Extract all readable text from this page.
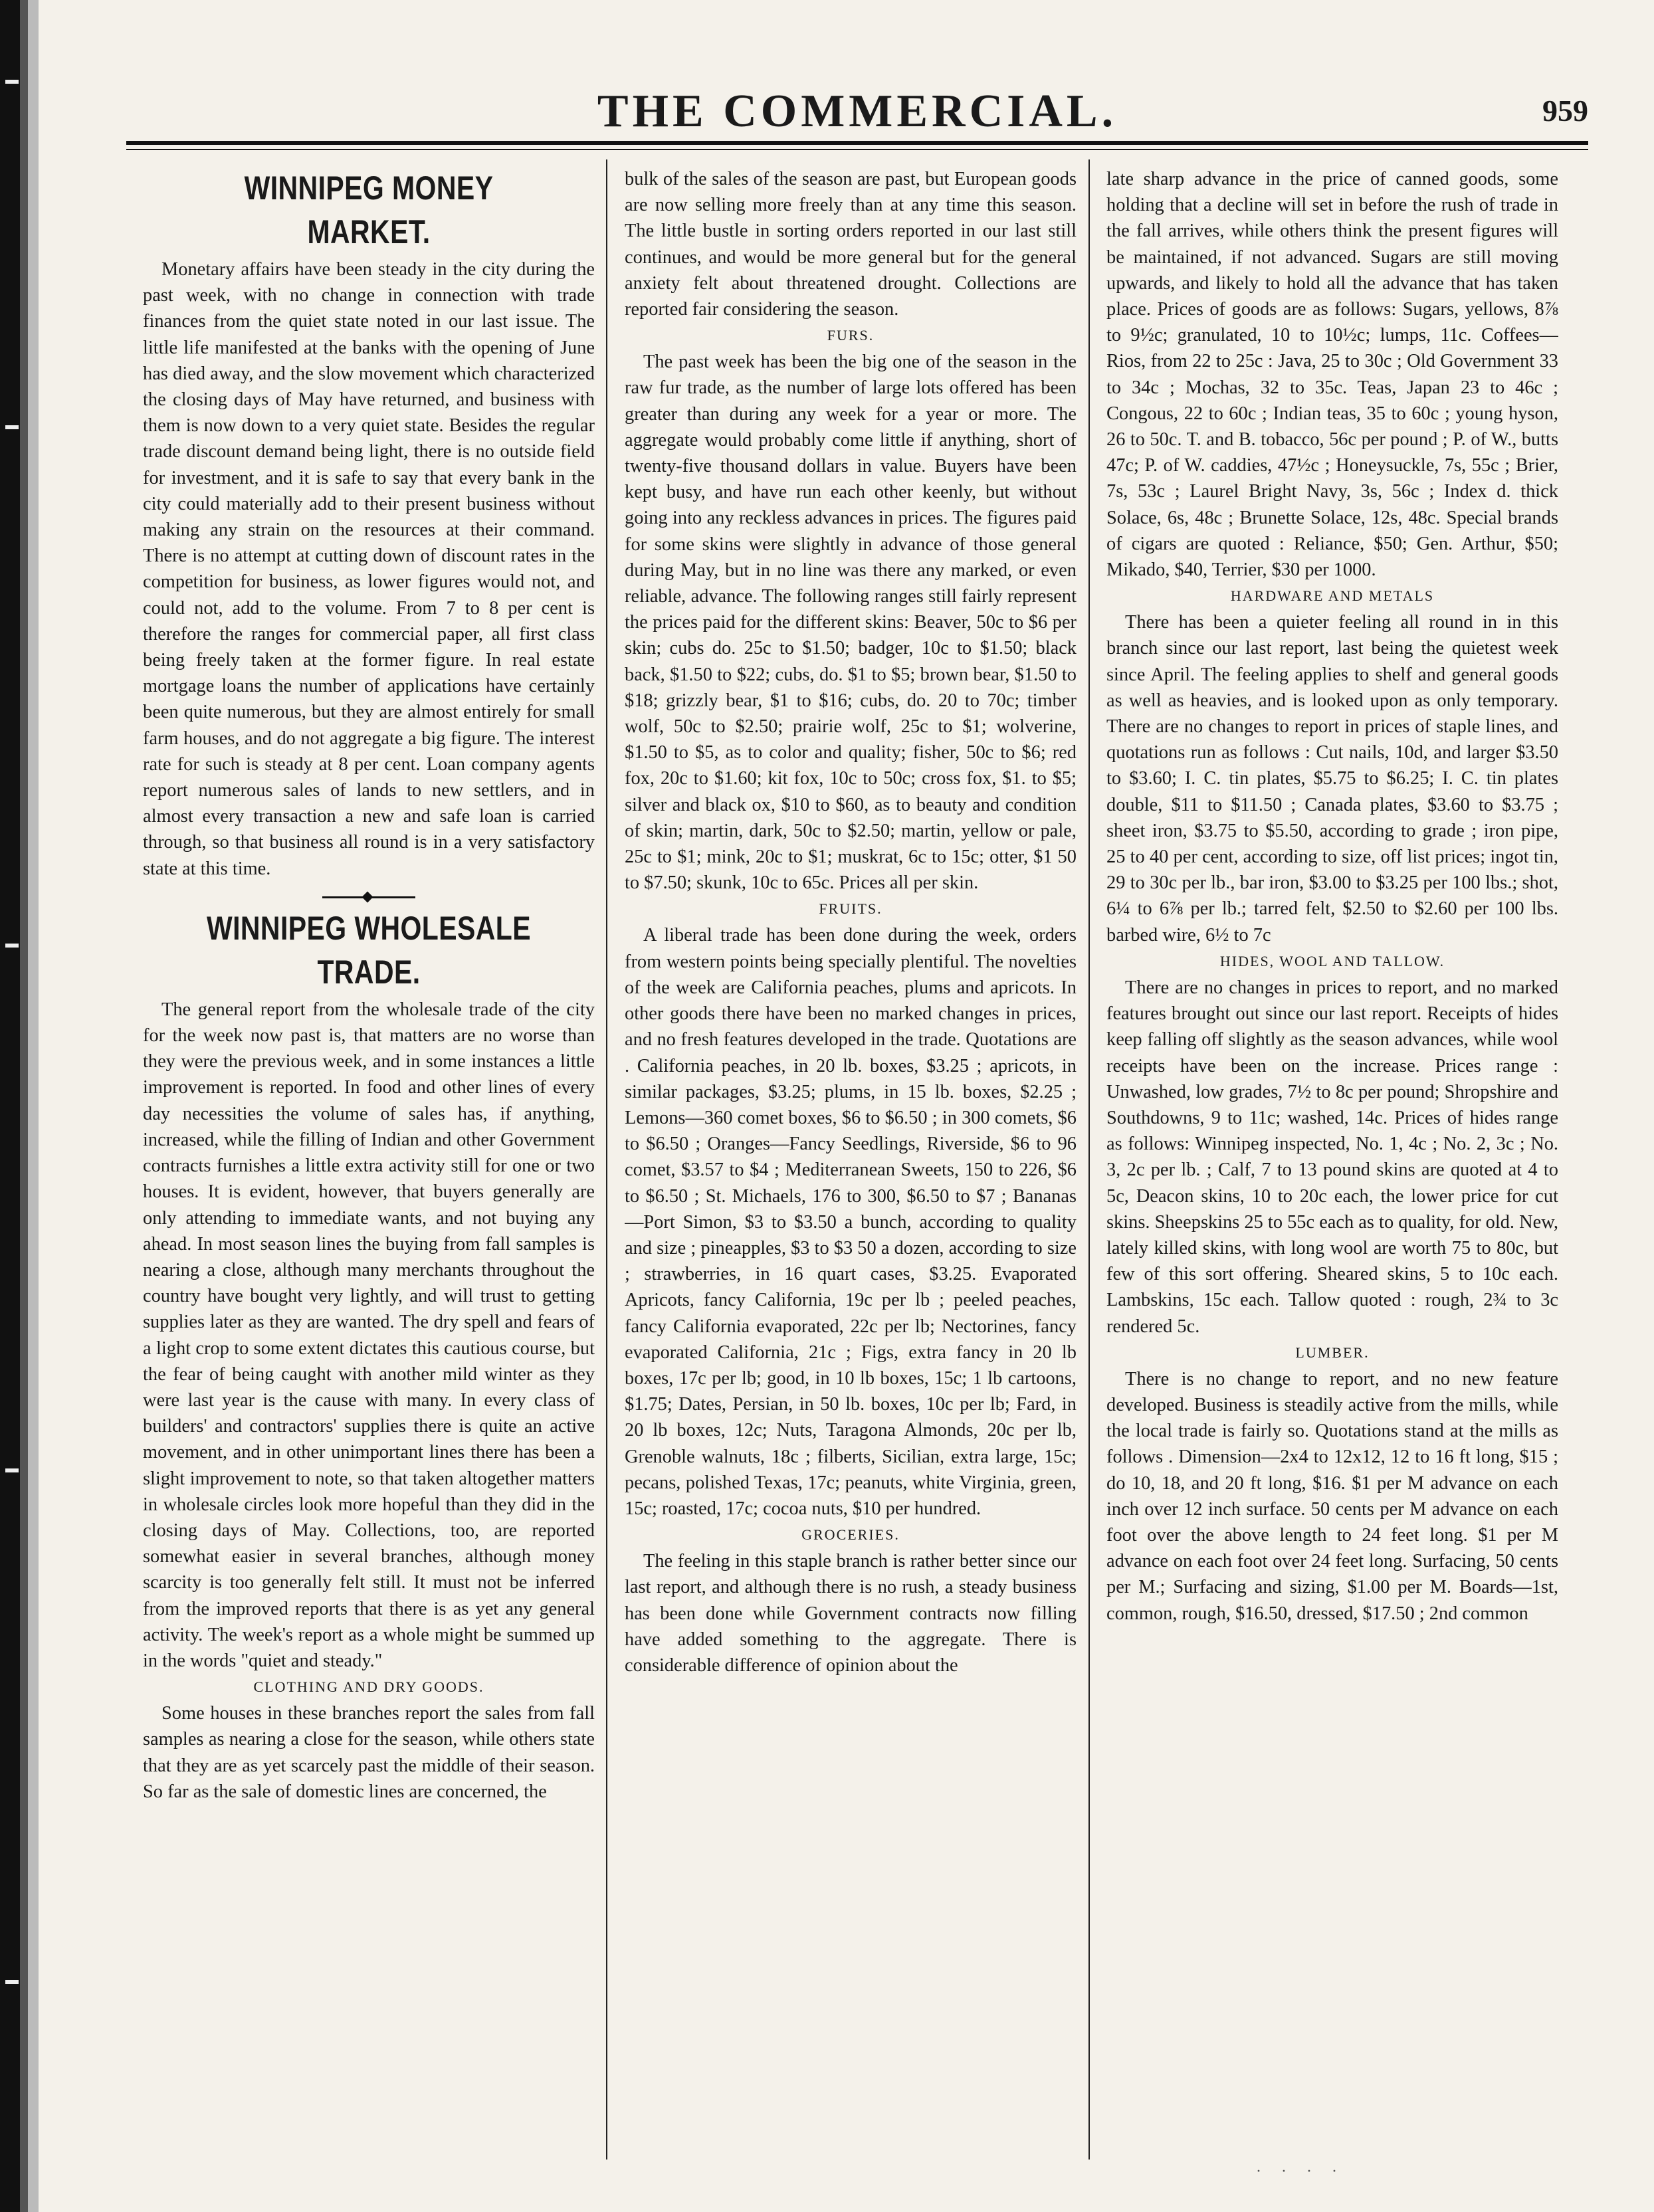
THE COMMERCIAL.	959
WINNIPEG MONEY MARKET.

Monetary affairs have been steady in the city during the past week, with no change in connection with trade finances from the quiet state noted in our last issue. The little life manifested at the banks with the opening of June has died away, and the slow movement which characterized the closing days of May have returned, and business with them is now down to a very quiet state. Besides the regular trade discount demand being light, there is no outside field for investment, and it is safe to say that every bank in the city could materially add to their present business without making any strain on the resources at their command. There is no attempt at cutting down of discount rates in the competition for business, as lower figures would not, and could not, add to the volume. From 7 to 8 per cent is therefore the ranges for commercial paper, all first class being freely taken at the former figure. In real estate mortgage loans the number of applications have certainly been quite numerous, but they are almost entirely for small farm houses, and do not aggregate a big figure. The interest rate for such is steady at 8 per cent. Loan company agents report numerous sales of lands to new settlers, and in almost every transaction a new and safe loan is carried through, so that business all round is in a very satisfactory state at this time.

WINNIPEG WHOLESALE TRADE.

The general report from the wholesale trade of the city for the week now past is, that matters are no worse than they were the previous week, and in some instances a little improvement is reported. In food and other lines of every day necessities the volume of sales has, if anything, increased, while the filling of Indian and other Government contracts furnishes a little extra activity still for one or two houses. It is evident, however, that buyers generally are only attending to immediate wants, and not buying any ahead. In most season lines the buying from fall samples is nearing a close, although many merchants throughout the country have bought very lightly, and will trust to getting supplies later as they are wanted. The dry spell and fears of a light crop to some extent dictates this cautious course, but the fear of being caught with another mild winter as they were last year is the cause with many. In every class of builders' and contractors' supplies there is quite an active movement, and in other unimportant lines there has been a slight improvement to note, so that taken altogether matters in wholesale circles look more hopeful than they did in the closing days of May. Collections, too, are reported somewhat easier in several branches, although money scarcity is too generally felt still. It must not be inferred from the improved reports that there is as yet any general activity. The week's report as a whole might be summed up in the words "quiet and steady."

CLOTHING AND DRY GOODS.

Some houses in these branches report the sales from fall samples as nearing a close for the season, while others state that they are as yet scarcely past the middle of their season. So far as the sale of domestic lines are concerned, the

bulk of the sales of the season are past, but European goods are now selling more freely than at any time this season. The little bustle in sorting orders reported in our last still continues, and would be more general but for the general anxiety felt about threatened drought. Collections are reported fair considering the season.

FURS.

The past week has been the big one of the season in the raw fur trade, as the number of large lots offered has been greater than during any week for a year or more. The aggregate would probably come little if anything, short of twenty-five thousand dollars in value. Buyers have been kept busy, and have run each other keenly, but without going into any reckless advances in prices. The figures paid for some skins were slightly in advance of those general during May, but in no line was there any marked, or even reliable, advance. The following ranges still fairly represent the prices paid for the different skins: Beaver, 50c to $6 per skin; cubs do. 25c to $1.50; badger, 10c to $1.50; black back, $1.50 to $22; cubs, do. $1 to $5; brown bear, $1.50 to $18; grizzly bear, $1 to $16; cubs, do. 20 to 70c; timber wolf, 50c to $2.50; prairie wolf, 25c to $1; wolverine, $1.50 to $5, as to color and quality; fisher, 50c to $6; red fox, 20c to $1.60; kit fox, 10c to 50c; cross fox, $1. to $5; silver and black ox, $10 to $60, as to beauty and condition of skin; martin, dark, 50c to $2.50; martin, yellow or pale, 25c to $1; mink, 20c to $1; muskrat, 6c to 15c; otter, $1 50 to $7.50; skunk, 10c to 65c. Prices all per skin.

FRUITS.

A liberal trade has been done during the week, orders from western points being specially plentiful. The novelties of the week are California peaches, plums and apricots. In other goods there have been no marked changes in prices, and no fresh features developed in the trade. Quotations are . California peaches, in 20 lb. boxes, $3.25 ; apricots, in similar packages, $3.25; plums, in 15 lb. boxes, $2.25 ; Lemons—360 comet boxes, $6 to $6.50 ; in 300 comets, $6 to $6.50 ; Oranges—Fancy Seedlings, Riverside, $6 to 96 comet, $3.57 to $4 ; Mediterranean Sweets, 150 to 226, $6 to $6.50 ; St. Michaels, 176 to 300, $6.50 to $7 ; Bananas—Port Simon, $3 to $3.50 a bunch, according to quality and size ; pineapples, $3 to $3 50 a dozen, according to size ; strawberries, in 16 quart cases, $3.25. Evaporated Apricots, fancy California, 19c per lb ; peeled peaches, fancy California evaporated, 22c per lb; Nectorines, fancy evaporated California, 21c ; Figs, extra fancy in 20 lb boxes, 17c per lb; good, in 10 lb boxes, 15c; 1 lb cartoons, $1.75; Dates, Persian, in 50 lb. boxes, 10c per lb; Fard, in 20 lb boxes, 12c; Nuts, Taragona Almonds, 20c per lb, Grenoble walnuts, 18c ; filberts, Sicilian, extra large, 15c; pecans, polished Texas, 17c; peanuts, white Virginia, green, 15c; roasted, 17c; cocoa nuts, $10 per hundred.

GROCERIES.

The feeling in this staple branch is rather better since our last report, and although there is no rush, a steady business has been done while Government contracts now filling have added something to the aggregate. There is considerable difference of opinion about the

late sharp advance in the price of canned goods, some holding that a decline will set in before the rush of trade in the fall arrives, while others think the present figures will be maintained, if not advanced. Sugars are still moving upwards, and likely to hold all the advance that has taken place. Prices of goods are as follows: Sugars, yellows, 8⅞ to 9½c; granulated, 10 to 10½c; lumps, 11c. Coffees—Rios, from 22 to 25c : Java, 25 to 30c ; Old Government 33 to 34c ; Mochas, 32 to 35c. Teas, Japan 23 to 46c ; Congous, 22 to 60c ; Indian teas, 35 to 60c ; young hyson, 26 to 50c. T. and B. tobacco, 56c per pound ; P. of W., butts 47c; P. of W. caddies, 47½c ; Honeysuckle, 7s, 55c ; Brier, 7s, 53c ; Laurel Bright Navy, 3s, 56c ; Index d. thick Solace, 6s, 48c ; Brunette Solace, 12s, 48c. Special brands of cigars are quoted : Reliance, $50; Gen. Arthur, $50; Mikado, $40, Terrier, $30 per 1000.

HARDWARE AND METALS

There has been a quieter feeling all round in in this branch since our last report, last being the quietest week since April. The feeling applies to shelf and general goods as well as heavies, and is looked upon as only temporary. There are no changes to report in prices of staple lines, and quotations run as follows : Cut nails, 10d, and larger $3.50 to $3.60; I. C. tin plates, $5.75 to $6.25; I. C. tin plates double, $11 to $11.50 ; Canada plates, $3.60 to $3.75 ; sheet iron, $3.75 to $5.50, according to grade ; iron pipe, 25 to 40 per cent, according to size, off list prices; ingot tin, 29 to 30c per lb., bar iron, $3.00 to $3.25 per 100 lbs.; shot, 6¼ to 6⅞ per lb.; tarred felt, $2.50 to $2.60 per 100 lbs. barbed wire, 6½ to 7c

HIDES, WOOL AND TALLOW.

There are no changes in prices to report, and no marked features brought out since our last report. Receipts of hides keep falling off slightly as the season advances, while wool receipts have been on the increase. Prices range : Unwashed, low grades, 7½ to 8c per pound; Shropshire and Southdowns, 9 to 11c; washed, 14c. Prices of hides range as follows: Winnipeg inspected, No. 1, 4c ; No. 2, 3c ; No. 3, 2c per lb. ; Calf, 7 to 13 pound skins are quoted at 4 to 5c, Deacon skins, 10 to 20c each, the lower price for cut skins. Sheepskins 25 to 55c each as to quality, for old. New, lately killed skins, with long wool are worth 75 to 80c, but few of this sort offering. Sheared skins, 5 to 10c each. Lambskins, 15c each. Tallow quoted : rough, 2¾ to 3c rendered 5c.

LUMBER.

There is no change to report, and no new feature developed. Business is steadily active from the mills, while the local trade is fairly so. Quotations stand at the mills as follows . Dimension—2x4 to 12x12, 12 to 16 ft long, $15 ; do 10, 18, and 20 ft long, $16. $1 per M advance on each inch over 12 inch surface. 50 cents per M advance on each foot over the above length to 24 feet long. $1 per M advance on each foot over 24 feet long. Surfacing, 50 cents per M.; Surfacing and sizing, $1.00 per M. Boards—1st, common, rough, $16.50, dressed, $17.50 ; 2nd common

· · · ·
